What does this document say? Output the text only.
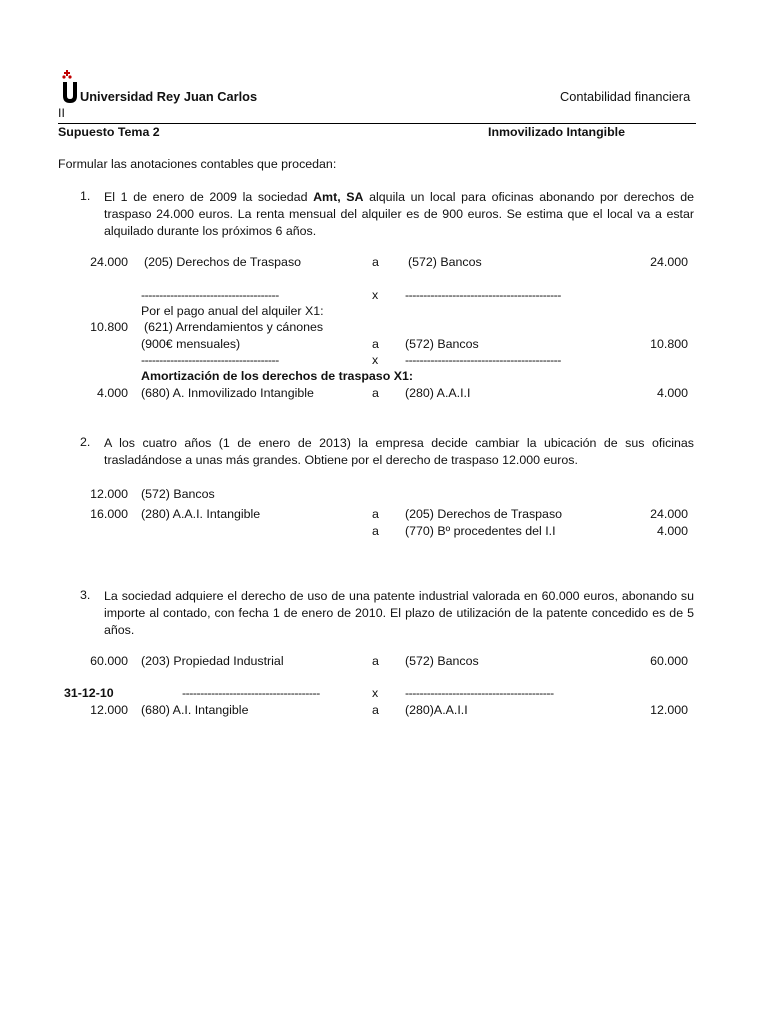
Universidad Rey Juan Carlos	Contabilidad financiera
II
Supuesto Tema 2	Inmovilizado Intangible
Formular las anotaciones contables que procedan:
1. El 1 de enero de 2009 la sociedad Amt, SA alquila un local para oficinas abonando por derechos de traspaso 24.000 euros. La renta mensual del alquiler es de 900 euros. Se estima que el local va a estar alquilado durante los próximos 6 años.
24.000 (205) Derechos de Traspaso	a (572) Bancos	24.000
--------------------------------------	x -------------------------------------------
Por el pago anual del alquiler X1:
10.800 (621) Arrendamientos y cánones
(900€ mensuales)	a (572) Bancos	10.800
--------------------------------------	x -------------------------------------------
Amortización de los derechos de traspaso X1:
4.000 (680) A. Inmovilizado Intangible	a (280) A.A.I.I	4.000
2. A los cuatro años (1 de enero de 2013) la empresa decide cambiar la ubicación de sus oficinas trasladándose a unas más grandes. Obtiene por el derecho de traspaso 12.000 euros.
12.000 (572) Bancos
16.000 (280) A.A.I. Intangible	a (205) Derechos de Traspaso	24.000
a (770) Bº procedentes del I.I	4.000
3. La sociedad adquiere el derecho de uso de una patente industrial valorada en 60.000 euros, abonando su importe al contado, con fecha 1 de enero de 2010. El plazo de utilización de la patente concedido es de 5 años.
60.000 (203) Propiedad Industrial	a (572) Bancos	60.000
31-12-10	--------------------------------------	x -----------------------------------------
12.000 (680) A.I. Intangible	a (280)A.A.I.I	12.000
